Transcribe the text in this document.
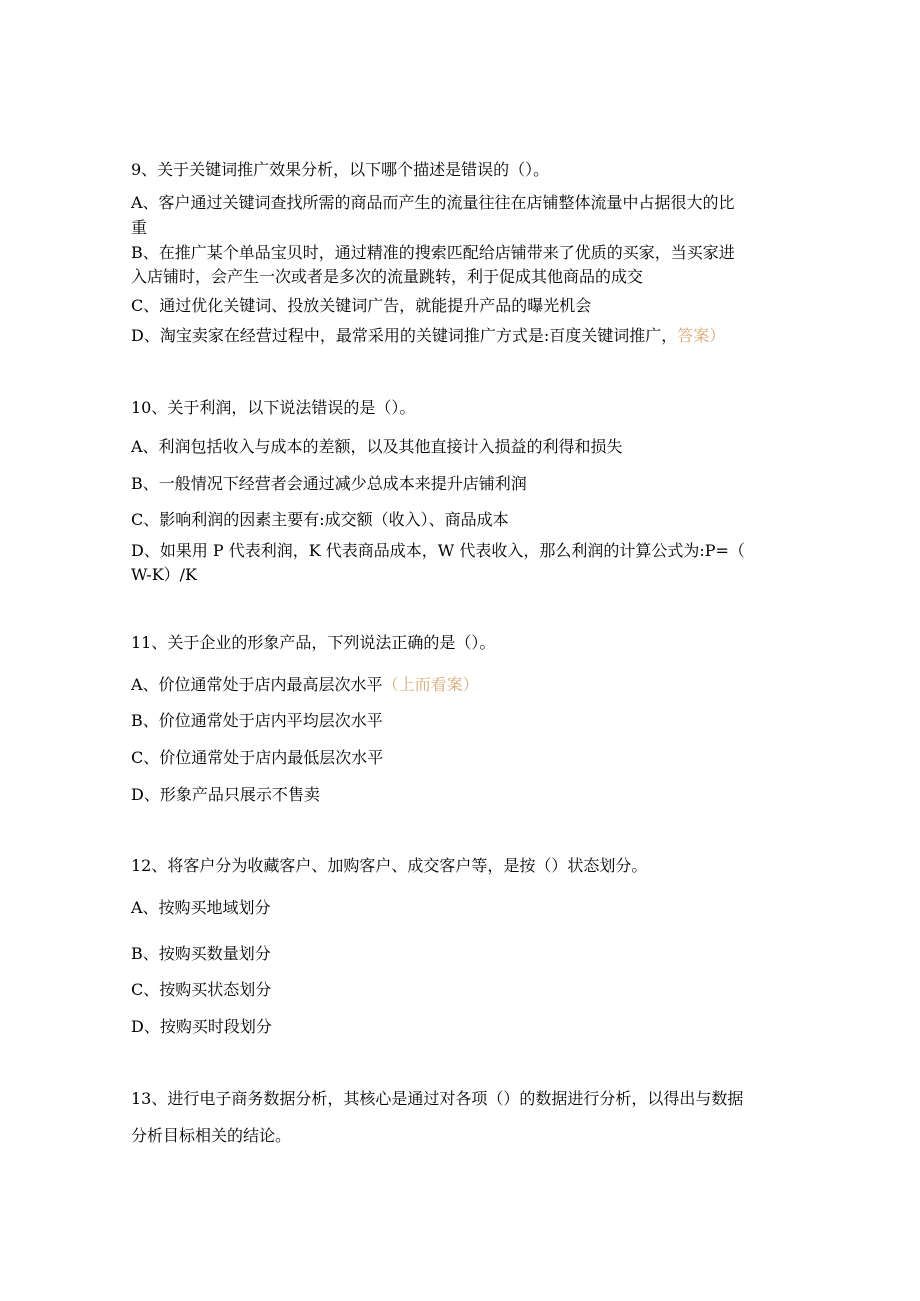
9、关于关键词推广效果分析，以下哪个描述是错误的（）。
A、客户通过关键词查找所需的商品而产生的流量往往在店铺整体流量中占据很大的比
重
B、在推广某个单品宝贝时，通过精准的搜索匹配给店铺带来了优质的买家，当买家进
入店铺时，会产生一次或者是多次的流量跳转，利于促成其他商品的成交
C、通过优化关键词、投放关键词广告，就能提升产品的曝光机会
D、淘宝卖家在经营过程中，最常采用的关键词推广方式是:百度关键词推广，答案）
10、关于利润，以下说法错误的是（）。
A、利润包括收入与成本的差额，以及其他直接计入损益的利得和损失
B、一般情况下经营者会通过减少总成本来提升店铺利润
C、影响利润的因素主要有:成交额（收入）、商品成本
D、如果用 P 代表利润，K 代表商品成本，W 代表收入，那么利润的计算公式为:P=（
W-K）/K
11、关于企业的形象产品，下列说法正确的是（）。
A、价位通常处于店内最高层次水平（上而看案）
B、价位通常处于店内平均层次水平
C、价位通常处于店内最低层次水平
D、形象产品只展示不售卖
12、将客户分为收藏客户、加购客户、成交客户等，是按（）状态划分。
A、按购买地域划分
B、按购买数量划分
C、按购买状态划分
D、按购买时段划分
13、进行电子商务数据分析，其核心是通过对各项（）的数据进行分析，以得出与数据
分析目标相关的结论。
